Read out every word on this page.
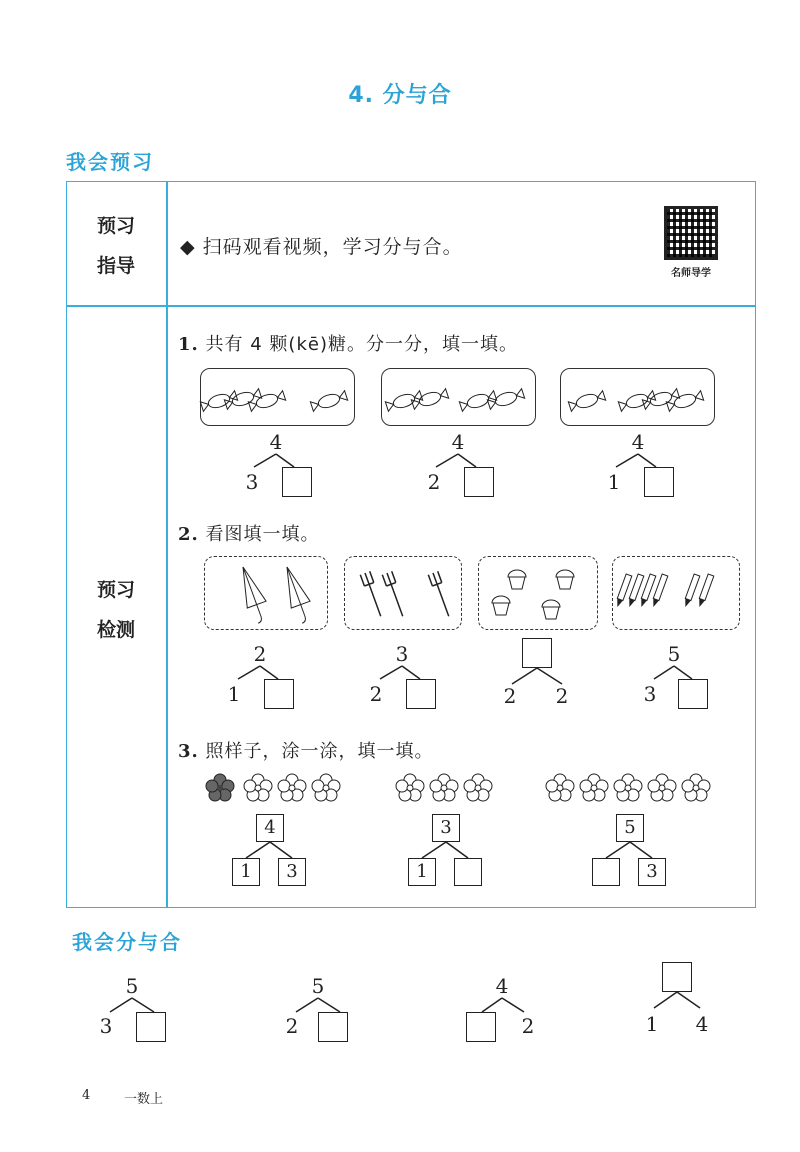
4. 分与合
我会预习
预习
指导
◆ 扫码观看视频，学习分与合。
名师导学
预习
检测
1. 共有 4 颗(kē)糖。分一分，填一填。
4
3
4
2
4
1
2. 看图填一填。
2
1
3
2	2 2
5
3
3. 照样子，涂一涂，填一填。
4
1	3
3
1
5
3
我会分与合
5
3
5
2
4
2	1 4
4	一数上
